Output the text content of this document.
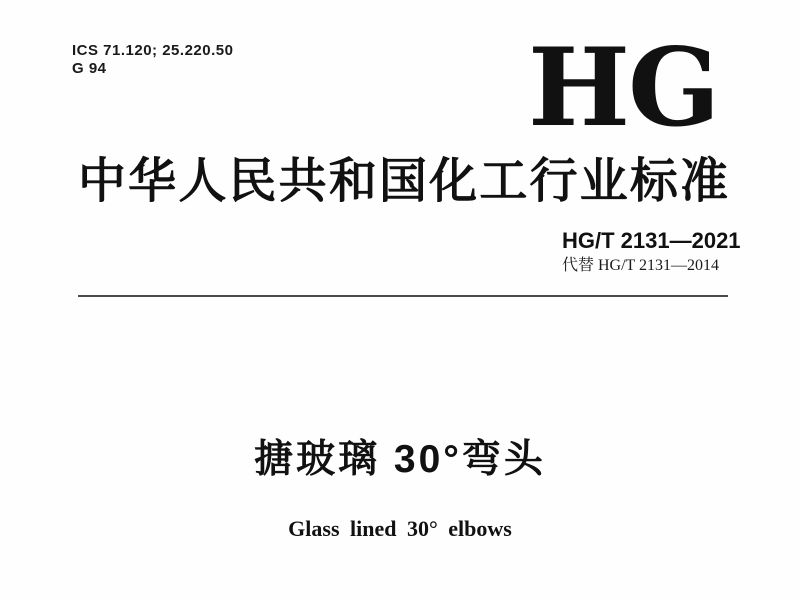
ICS 71.120; 25.220.50
G 94	HG
中华人民共和国化工行业标准
HG/T 2131—2021
代替 HG/T 2131—2014
搪玻璃 30°弯头
Glass lined 30° elbows
